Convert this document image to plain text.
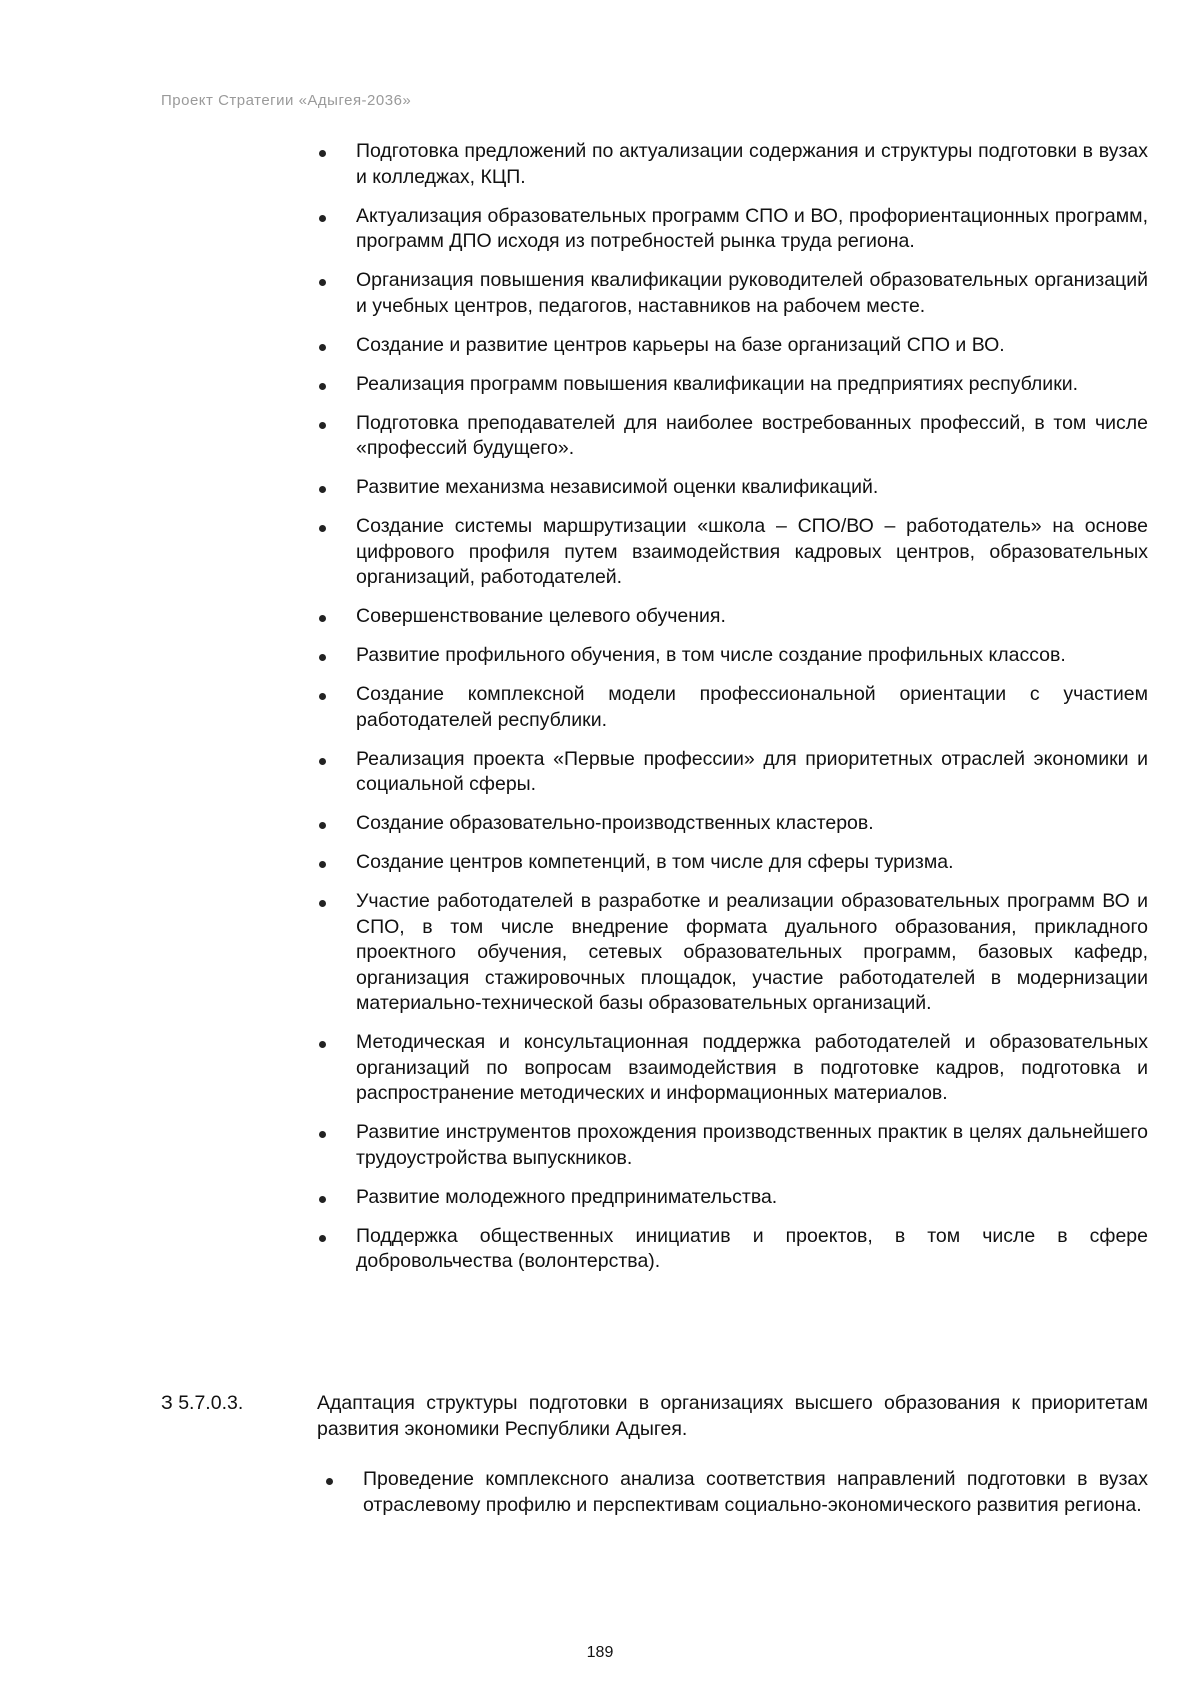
Проект Стратегии «Адыгея-2036»
Подготовка предложений по актуализации содержания и структуры подготовки в вузах и колледжах, КЦП.
Актуализация образовательных программ СПО и ВО, профориентационных программ, программ ДПО исходя из потребностей рынка труда региона.
Организация повышения квалификации руководителей образовательных организаций и учебных центров, педагогов, наставников на рабочем месте.
Создание и развитие центров карьеры на базе организаций СПО и ВО.
Реализация программ повышения квалификации на предприятиях республики.
Подготовка преподавателей для наиболее востребованных профессий, в том числе «профессий будущего».
Развитие механизма независимой оценки квалификаций.
Создание системы маршрутизации «школа – СПО/ВО – работодатель» на основе цифрового профиля путем взаимодействия кадровых центров, образовательных организаций, работодателей.
Совершенствование целевого обучения.
Развитие профильного обучения, в том числе создание профильных классов.
Создание комплексной модели профессиональной ориентации с участием работодателей республики.
Реализация проекта «Первые профессии» для приоритетных отраслей экономики и социальной сферы.
Создание образовательно-производственных кластеров.
Создание центров компетенций, в том числе для сферы туризма.
Участие работодателей в разработке и реализации образовательных программ ВО и СПО, в том числе внедрение формата дуального образования, прикладного проектного обучения, сетевых образовательных программ, базовых кафедр, организация стажировочных площадок, участие работодателей в модернизации материально-технической базы образовательных организаций.
Методическая и консультационная поддержка работодателей и образовательных организаций по вопросам взаимодействия в подготовке кадров, подготовка и распространение методических и информационных материалов.
Развитие инструментов прохождения производственных практик в целях дальнейшего трудоустройства выпускников.
Развитие молодежного предпринимательства.
Поддержка общественных инициатив и проектов, в том числе в сфере добровольчества (волонтерства).
З 5.7.0.3.	Адаптация структуры подготовки в организациях высшего образования к приоритетам развития экономики Республики Адыгея.
Проведение комплексного анализа соответствия направлений подготовки в вузах отраслевому профилю и перспективам социально-экономического развития региона.
189
